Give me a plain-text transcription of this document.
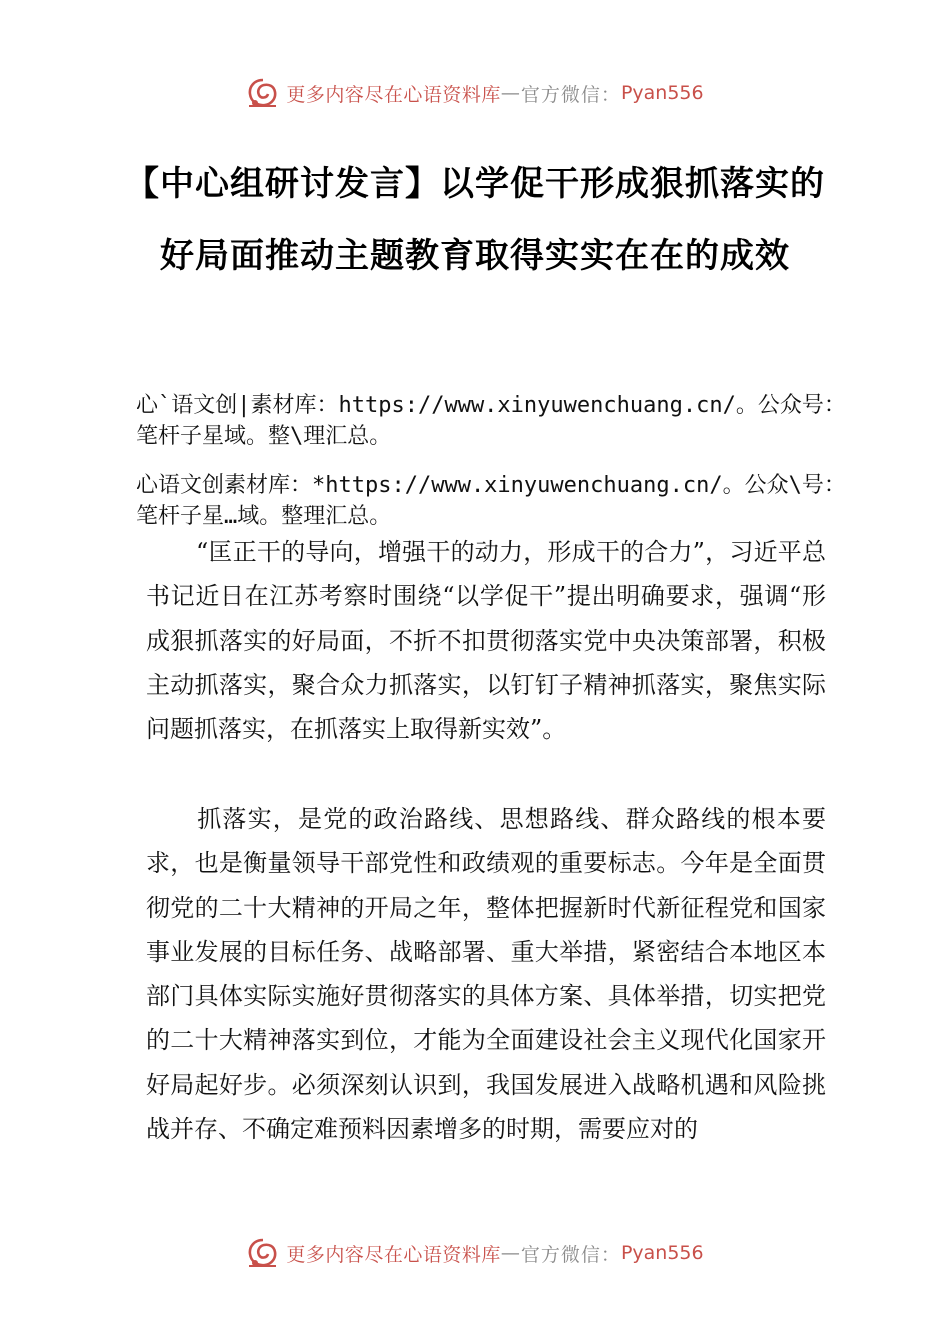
更多内容尽在心语资料库 — 官方微信： Pyan556
【中心组研讨发言】以学促干形成狠抓落实的好局面推动主题教育取得实实在在的成效

心`语文创|素材库：https://www.xinyuwenchuang.cn/。公众号：笔杆子星域。整\理汇总。

心语文创素材库：*https://www.xinyuwenchuang.cn/。公众\号：笔杆子星…域。整理汇总。

“匡正干的导向，增强干的动力，形成干的合力”，习近平总书记近日在江苏考察时围绕“以学促干”提出明确要求，强调“形成狠抓落实的好局面，不折不扣贯彻落实党中央决策部署，积极主动抓落实，聚合众力抓落实，以钉钉子精神抓落实，聚焦实际问题抓落实，在抓落实上取得新实效”。

抓落实，是党的政治路线、思想路线、群众路线的根本要求，也是衡量领导干部党性和政绩观的重要标志。今年是全面贯彻党的二十大精神的开局之年，整体把握新时代新征程党和国家事业发展的目标任务、战略部署、重大举措，紧密结合本地区本部门具体实际实施好贯彻落实的具体方案、具体举措，切实把党的二十大精神落实到位，才能为全面建设社会主义现代化国家开好局起好步。必须深刻认识到，我国发展进入战略机遇和风险挑战并存、不确定难预料因素增多的时期，需要应对的

更多内容尽在心语资料库 — 官方微信： Pyan556
